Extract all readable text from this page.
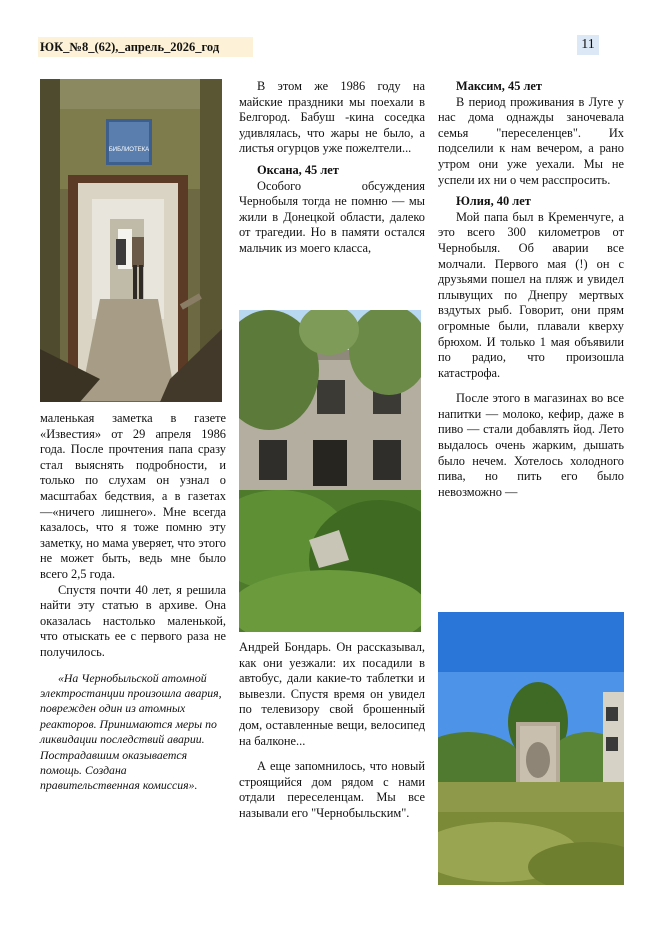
ЮК_№8_(62),_апрель_2026_год	11
БИБЛИОТЕКА

маленькая заметка в газете «Известия» от 29 апреля 1986 года. После прочтения папа сразу стал выяснять подробности, и только по слухам он узнал о масштабах бедствия, а в газетах —«ничего лишнего». Мне всегда казалось, что я тоже помню эту заметку, но мама уверяет, что этого не может быть, ведь мне было всего 2,5 года.

Спустя почти 40 лет, я решила найти эту статью в архиве. Она оказалась настолько маленькой, что отыскать ее с первого раза не получилось.

«На Чернобыльской атомной электростанции произошла авария, поврежден один из атомных реакторов. Принимаются меры по ликвидации последствий аварии. Пострадавшим оказывается помощь. Создана правительственная комиссия».

В этом же 1986 году на майские праздники мы поехали в Белгород. Бабуш -кина соседка удивлялась, что жары не было, а листья огурцов уже пожелтели...

Оксана, 45 лет

Особого обсуждения Чернобыля тогда не помню — мы жили в Донецкой области, далеко от трагедии. Но в памяти остался мальчик из моего класса,

Андрей Бондарь. Он рассказывал, как они уезжали: их посадили в автобус, дали какие-то таблетки и вывезли. Спустя время он увидел по телевизору свой брошенный дом, оставленные вещи, велосипед на балконе...

А еще запомнилось, что новый строящийся дом рядом с нами отдали переселенцам. Мы все называли его "Чернобыльским".

Максим, 45 лет

В период проживания в Луге у нас дома однажды заночевала семья "переселенцев". Их подселили к нам вечером, а рано утром они уже уехали. Мы не успели их ни о чем расспросить.

Юлия, 40 лет

Мой папа был в Кременчуге, а это всего 300 километров от Чернобыля. Об аварии все молчали. Первого мая (!) он с друзьями пошел на пляж и увидел плывущих по Днепру мертвых вздутых рыб. Говорит, они прям огромные были, плавали кверху брюхом. И только 1 мая объявили по радио, что произошла катастрофа.

После этого в магазинах во все напитки — молоко, кефир, даже в пиво — стали добавлять йод. Лето выдалось очень жарким, дышать было нечем. Хотелось холодного пива, но пить его было невозможно —
